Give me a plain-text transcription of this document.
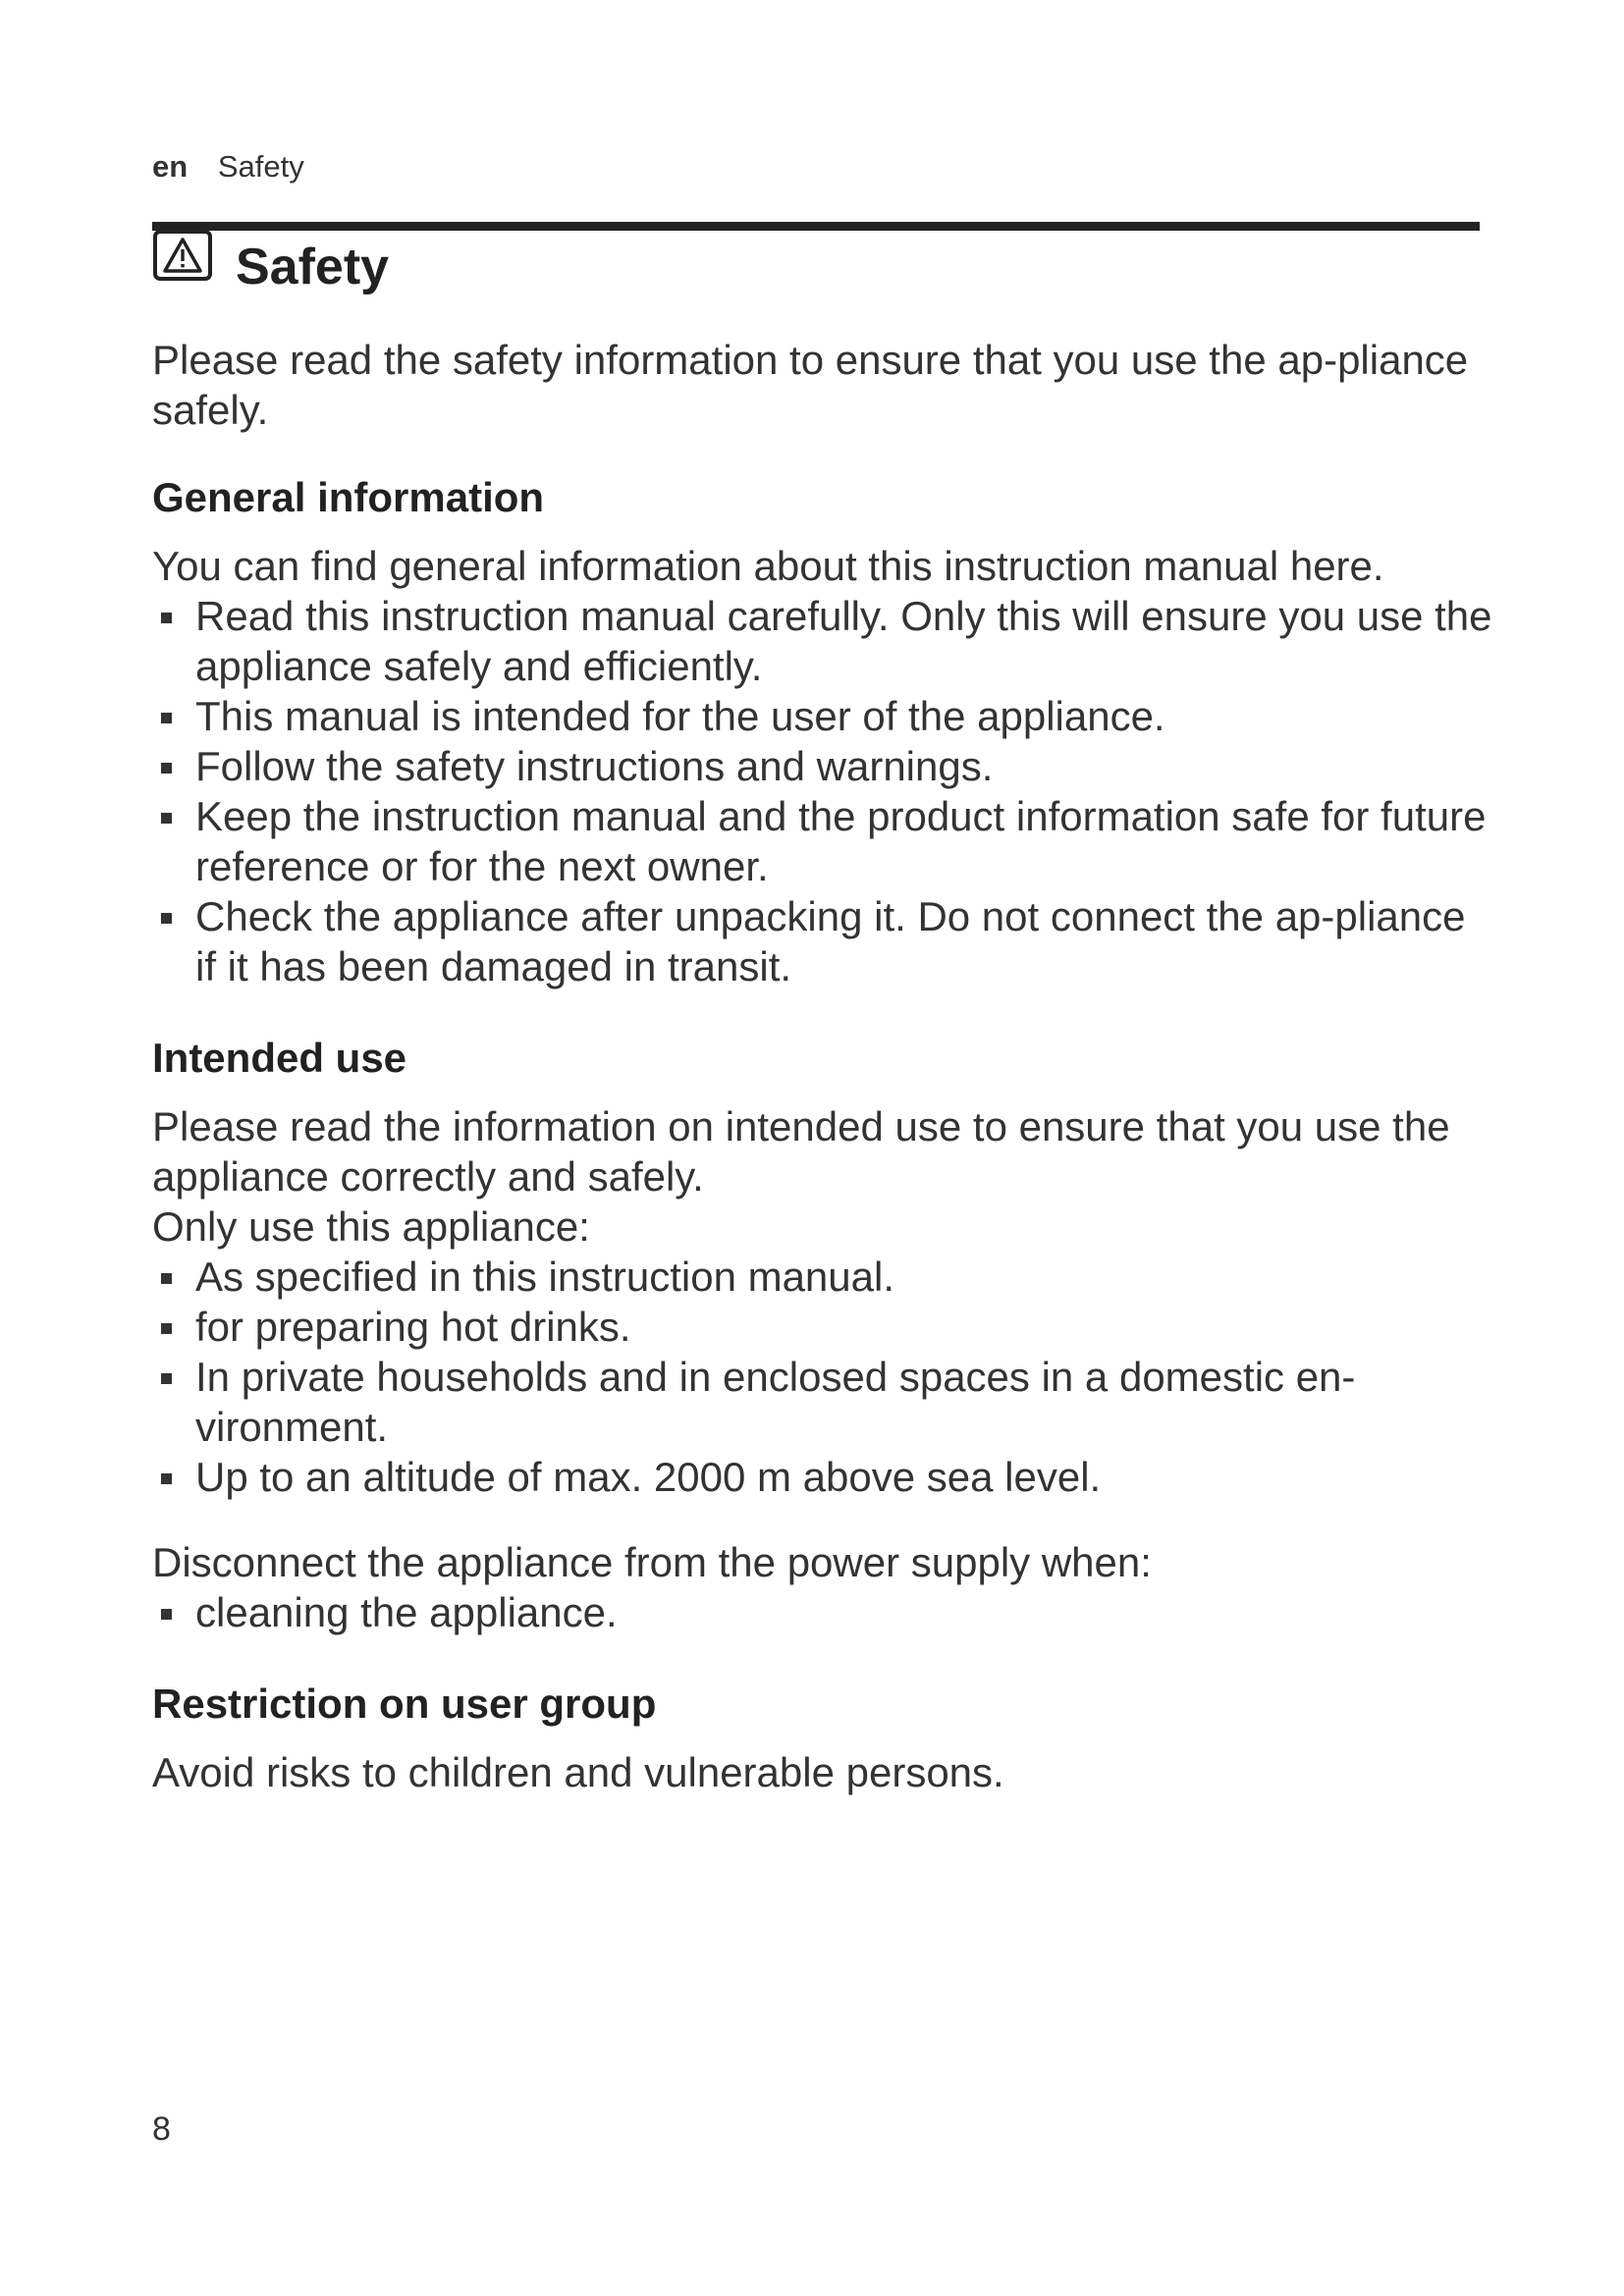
en Safety
Safety

Please read the safety information to ensure that you use the ap-pliance safely.

General information

You can find general information about this instruction manual here.

Read this instruction manual carefully. Only this will ensure you use the appliance safely and efficiently.
This manual is intended for the user of the appliance.
Follow the safety instructions and warnings.
Keep the instruction manual and the product information safe for future reference or for the next owner.
Check the appliance after unpacking it. Do not connect the ap-pliance if it has been damaged in transit.
Intended use

Please read the information on intended use to ensure that you use the appliance correctly and safely.

Only use this appliance:

As specified in this instruction manual.
for preparing hot drinks.
In private households and in enclosed spaces in a domestic en-vironment.
Up to an altitude of max. 2000 m above sea level.

Disconnect the appliance from the power supply when:

cleaning the appliance.
Restriction on user group

Avoid risks to children and vulnerable persons.

8
